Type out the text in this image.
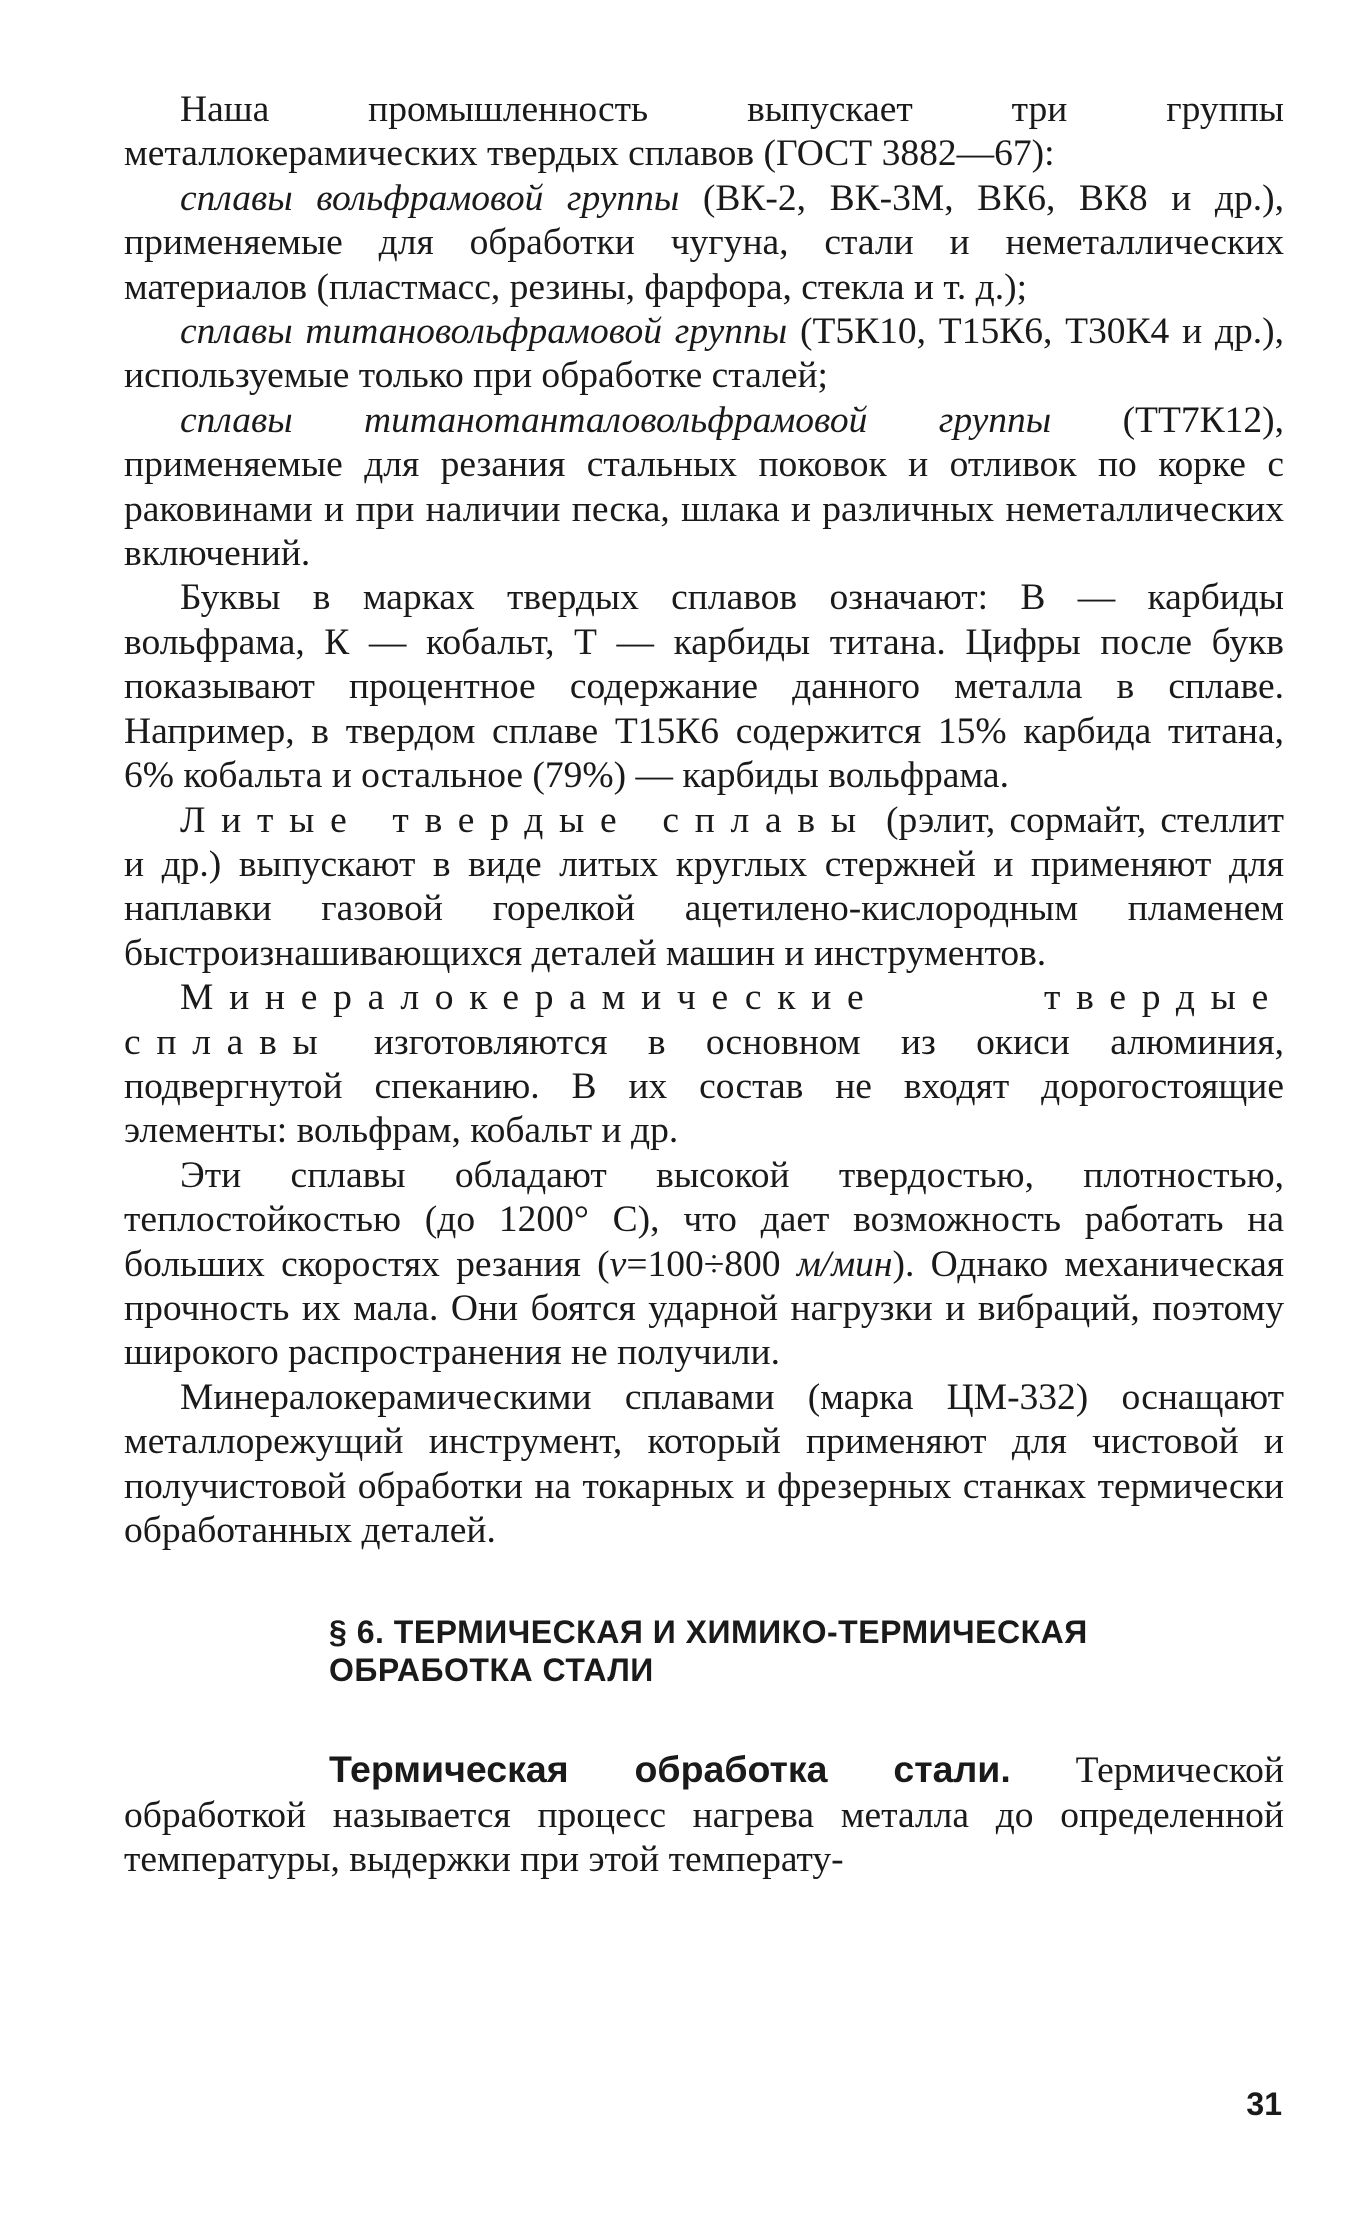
Наша промышленность выпускает три группы металлокерамических твердых сплавов (ГОСТ 3882—67):

сплавы вольфрамовой группы (ВК-2, ВК-3М, ВК6, ВК8 и др.), применяемые для обработки чугуна, стали и неметаллических материалов (пластмасс, резины, фарфора, стекла и т. д.);

сплавы титановольфрамовой группы (Т5К10, Т15К6, Т30К4 и др.), используемые только при обработке сталей;

сплавы титанотанталовольфрамовой группы (ТТ7К12), применяемые для резания стальных поковок и отливок по корке с раковинами и при наличии песка, шлака и различных неметаллических включений.

Буквы в марках твердых сплавов означают: В — карбиды вольфрама, К — кобальт, Т — карбиды титана. Цифры после букв показывают процентное содержание данного металла в сплаве. Например, в твердом сплаве Т15К6 содержится 15% карбида титана, 6% кобальта и остальное (79%) — карбиды вольфрама.

Литые твердые сплавы (рэлит, сормайт, стеллит и др.) выпускают в виде литых круглых стержней и применяют для наплавки газовой горелкой ацетилено-кислородным пламенем быстроизнашивающихся деталей машин и инструментов.

Минералокерамические твердые сплавы изготовляются в основном из окиси алюминия, подвергнутой спеканию. В их состав не входят дорогостоящие элементы: вольфрам, кобальт и др.

Эти сплавы обладают высокой твердостью, плотностью, теплостойкостью (до 1200° С), что дает возможность работать на больших скоростях резания (v=100÷800 м/мин). Однако механическая прочность их мала. Они боятся ударной нагрузки и вибраций, поэтому широкого распространения не получили.

Минералокерамическими сплавами (марка ЦМ-332) оснащают металлорежущий инструмент, который применяют для чистовой и получистовой обработки на токарных и фрезерных станках термически обработанных деталей.

§ 6. ТЕРМИЧЕСКАЯ И ХИМИКО-ТЕРМИЧЕСКАЯ
ОБРАБОТКА СТАЛИ

Термическая обработка стали. Термической обработкой называется процесс нагрева металла до определенной температуры, выдержки при этой температу-

31
